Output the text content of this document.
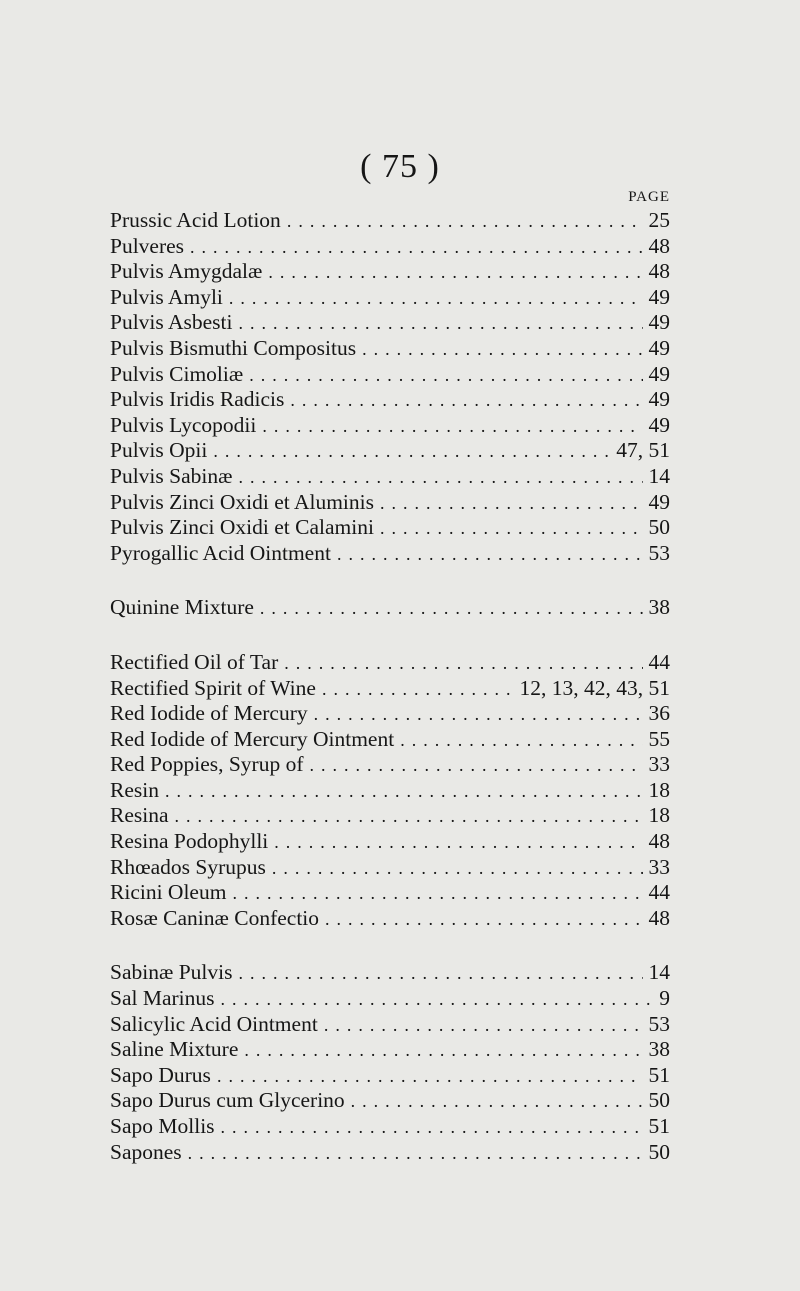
( 75 )
PAGE
Prussic Acid Lotion .....	25
Pulveres .....	48
Pulvis Amygdalæ .....	48
Pulvis Amyli .....	49
Pulvis Asbesti .....	49
Pulvis Bismuthi Compositus .....	49
Pulvis Cimoliæ .....	49
Pulvis Iridis Radicis .....	49
Pulvis Lycopodii .....	49
Pulvis Opii .....	47, 51
Pulvis Sabinæ .....	14
Pulvis Zinci Oxidi et Aluminis .....	49
Pulvis Zinci Oxidi et Calamini .....	50
Pyrogallic Acid Ointment .....	53
Quinine Mixture .....	38
Rectified Oil of Tar .....	44
Rectified Spirit of Wine .....	12, 13, 42, 43, 51
Red Iodide of Mercury .....	36
Red Iodide of Mercury Ointment .....	55
Red Poppies, Syrup of .....	33
Resin .....	18
Resina .....	18
Resina Podophylli .....	48
Rhœados Syrupus .....	33
Ricini Oleum .....	44
Rosæ Caninæ Confectio .....	48
Sabinæ Pulvis .....	14
Sal Marinus .....	9
Salicylic Acid Ointment .....	53
Saline Mixture .....	38
Sapo Durus .....	51
Sapo Durus cum Glycerino .....	50
Sapo Mollis .....	51
Sapones .....	50
